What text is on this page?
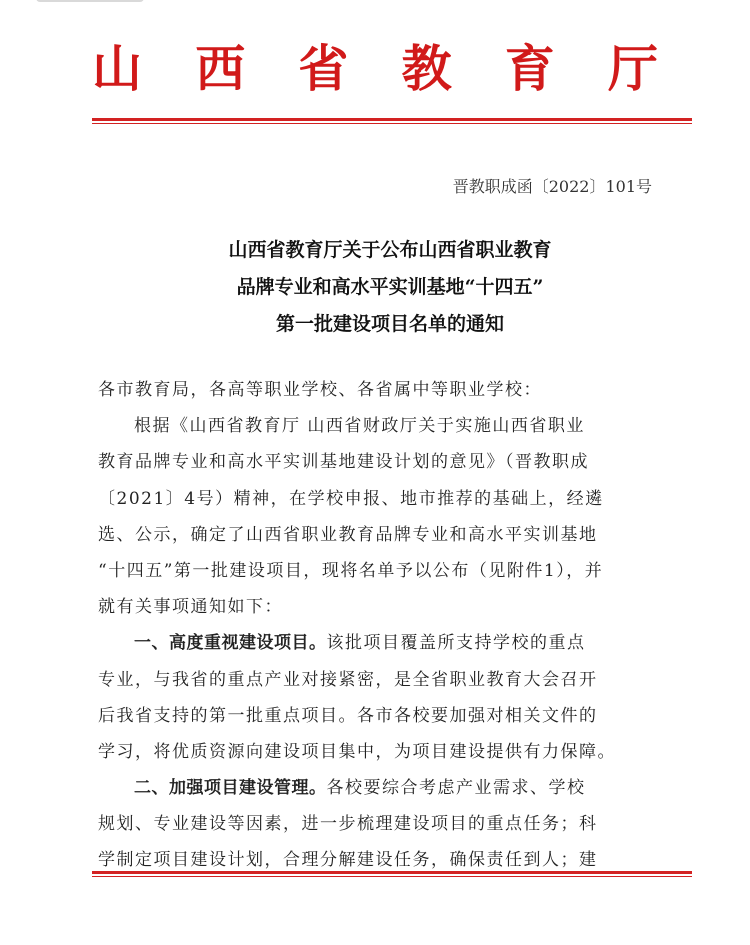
山 西 省 教 育 厅
晋教职成函〔2022〕101号
山西省教育厅关于公布山西省职业教育
品牌专业和高水平实训基地“十四五”
第一批建设项目名单的通知
各市教育局，各高等职业学校、各省属中等职业学校：
根据《山西省教育厅 山西省财政厅关于实施山西省职业
教育品牌专业和高水平实训基地建设计划的意见》（晋教职成
〔2021〕4号）精神，在学校申报、地市推荐的基础上，经遴
选、公示，确定了山西省职业教育品牌专业和高水平实训基地
“十四五”第一批建设项目，现将名单予以公布（见附件1），并
就有关事项通知如下：
一、高度重视建设项目。该批项目覆盖所支持学校的重点
专业，与我省的重点产业对接紧密，是全省职业教育大会召开
后我省支持的第一批重点项目。各市各校要加强对相关文件的
学习，将优质资源向建设项目集中，为项目建设提供有力保障。
二、加强项目建设管理。各校要综合考虑产业需求、学校
规划、专业建设等因素，进一步梳理建设项目的重点任务；科
学制定项目建设计划，合理分解建设任务，确保责任到人；建
